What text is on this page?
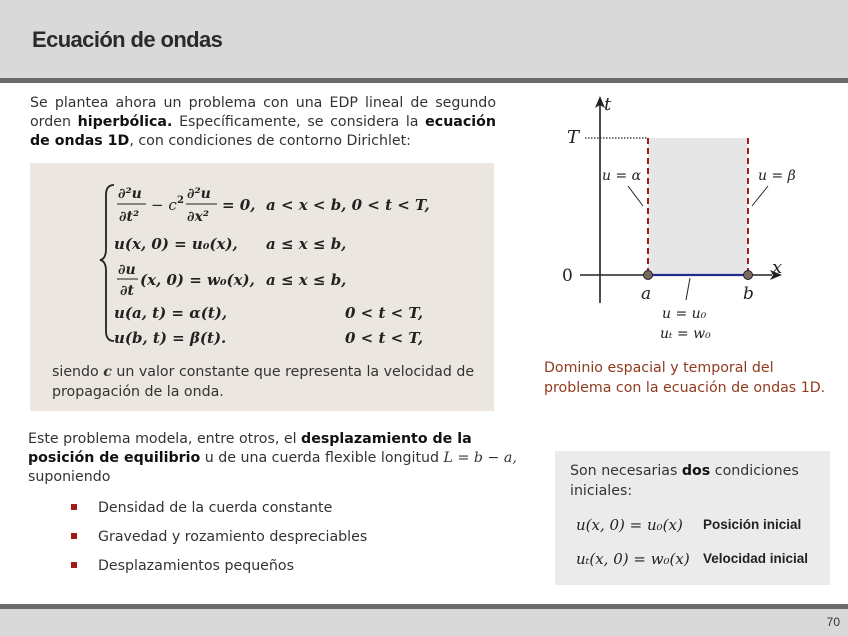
Ecuación de ondas
Se plantea ahora un problema con una EDP lineal de segundo orden hiperbólica. Específicamente, se considera la ecuación de ondas 1D, con condiciones de contorno Dirichlet:
∂²u
∂t²
− c 2 ∂²u
∂x²
= 0, a < x < b, 0 < t < T,
u(x, 0) = u₀(x), a ≤ x ≤ b,
∂u
∂t
(x, 0) = w₀(x), a ≤ x ≤ b,
u(a, t) = α(t),	0 < t < T,
u(b, t) = β(t).	0 < t < T,
siendo c un valor constante que representa la velocidad de propagación de la onda.
Este problema modela, entre otros, el desplazamiento de la posición de equilibrio u de una cuerda flexible longitud L = b − a, suponiendo
Densidad de la cuerda constante
Gravedad y rozamiento despreciables
Desplazamientos pequeños
t
x
T
0
a	b
u = α	u = β
u = u₀
uₜ = w₀
Dominio espacial y temporal del problema con la ecuación de ondas 1D.
Son necesarias dos condiciones iniciales:
u(x, 0) = u₀(x) Posición inicial
uₜ(x, 0) = w₀(x) Velocidad inicial
70
